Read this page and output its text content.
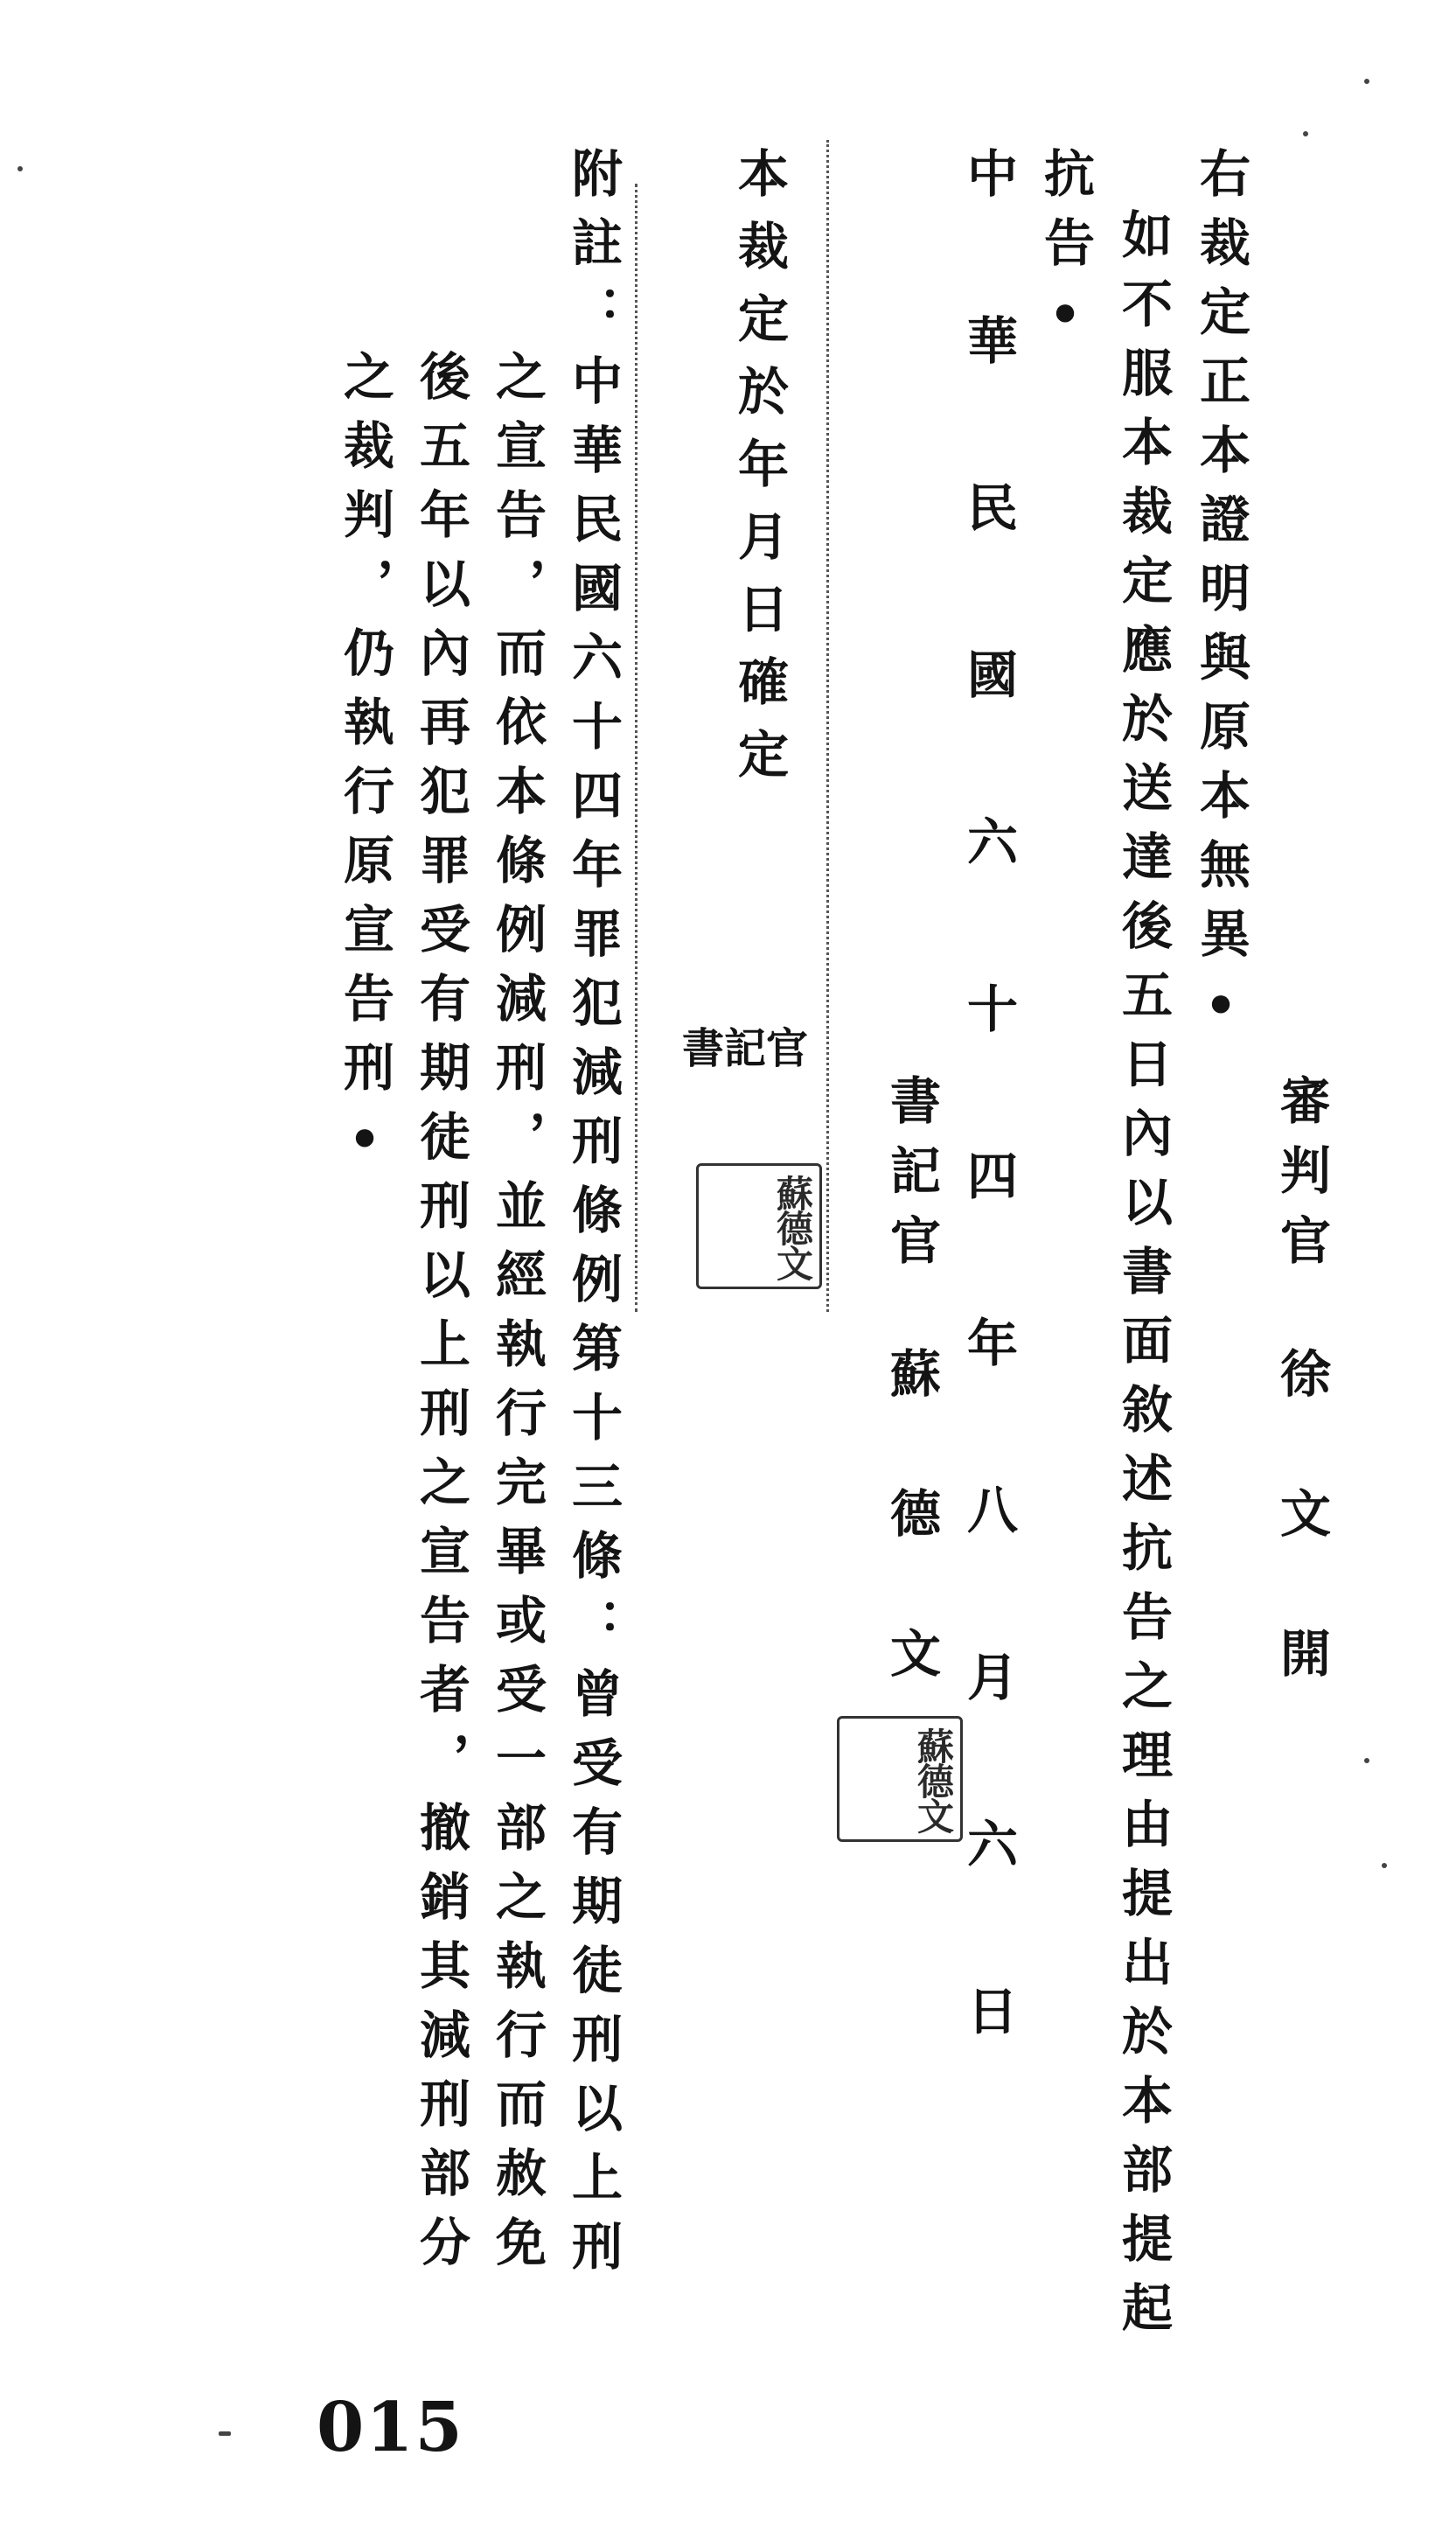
右裁定正本證明與原本無異•
如不服本裁定應於送達後五日內以書面敘述抗告之理由提出於本部提起
抗告•
審判官
徐文開
中華民國六十四年八月六日
書記官
蘇德文
蘇德文
本裁定於年月日確定
書記官
蘇德文
附註：中華民國六十四年罪犯減刑條例第十三條：曾受有期徒刑以上刑
之宣告，而依本條例減刑，並經執行完畢或受一部之執行而赦免
後五年以內再犯罪受有期徒刑以上刑之宣告者，撤銷其減刑部分
之裁判，仍執行原宣告刑•
015
